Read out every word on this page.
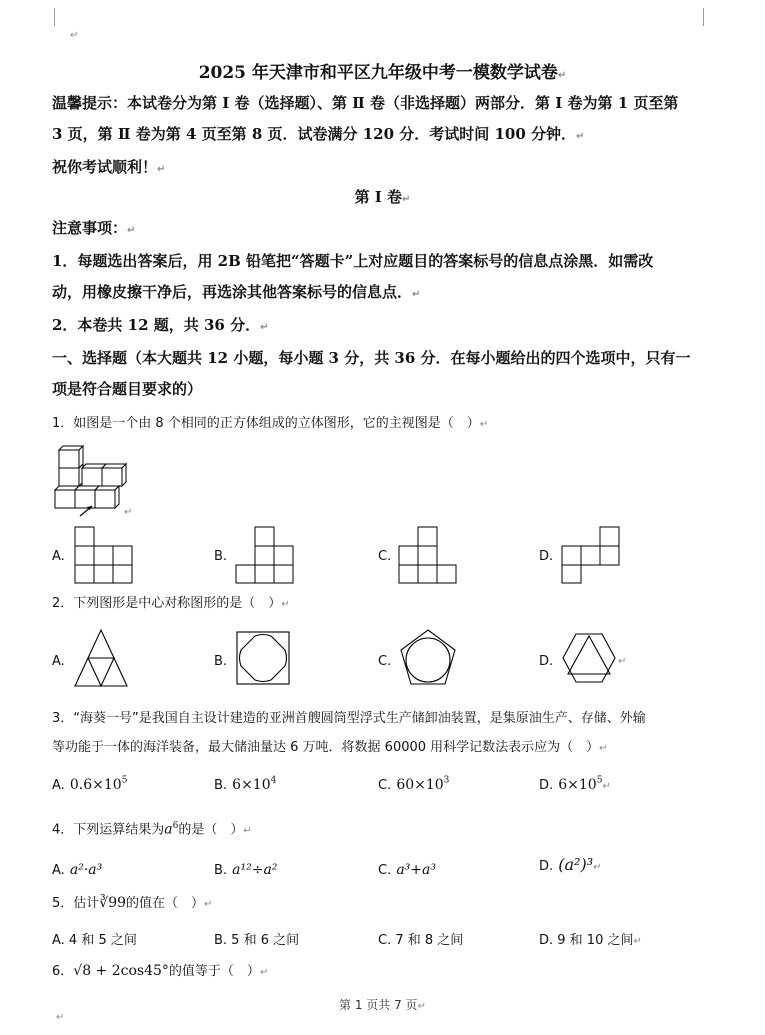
↵
2025 年天津市和平区九年级中考一模数学试卷↵
温馨提示：本试卷分为第 Ⅰ 卷（选择题）、第 Ⅱ 卷（非选择题）两部分．第 Ⅰ 卷为第 1 页至第
3 页，第 Ⅱ 卷为第 4 页至第 8 页．试卷满分 120 分．考试时间 100 分钟．↵
祝你考试顺利！↵
第 Ⅰ 卷↵
注意事项：↵
1．每题选出答案后，用 2B 铅笔把“答题卡”上对应题目的答案标号的信息点涂黑．如需改
动，用橡皮擦干净后，再选涂其他答案标号的信息点．↵
2．本卷共 12 题，共 36 分．↵
一、选择题（本大题共 12 小题，每小题 3 分，共 36 分．在每小题给出的四个选项中，只有一
项是符合题目要求的）
1．如图是一个由 8 个相同的正方体组成的立体图形，它的主视图是（　）↵
↵
A.	B.	C.	D.
2．下列图形是中心对称图形的是（　）↵
A.	B.	C.	D.	↵
3．“海葵一号”是我国自主设计建造的亚洲首艘圆筒型浮式生产储卸油装置，是集原油生产、存储、外输
等功能于一体的海洋装备，最大储油量达 6 万吨．将数据 60000 用科学记数法表示应为（　）↵
A. $0.6\times 10^5$	B. $6\times 10^4$	C. $60\times 10^3$	D. $6\times 10^5↵$
4．下列运算结果为$a^6$的是（　）↵
A. a²·a³	B. a¹²÷a²	C. a³+a³	D. (a²)³↵
5．估计∛99的值在（　）↵
A. 4 和 5 之间	B. 5 和 6 之间	C. 7 和 8 之间	D. 9 和 10 之间↵
6．√8 + 2cos45°的值等于（　）↵
第 1 页共 7 页↵
↵
